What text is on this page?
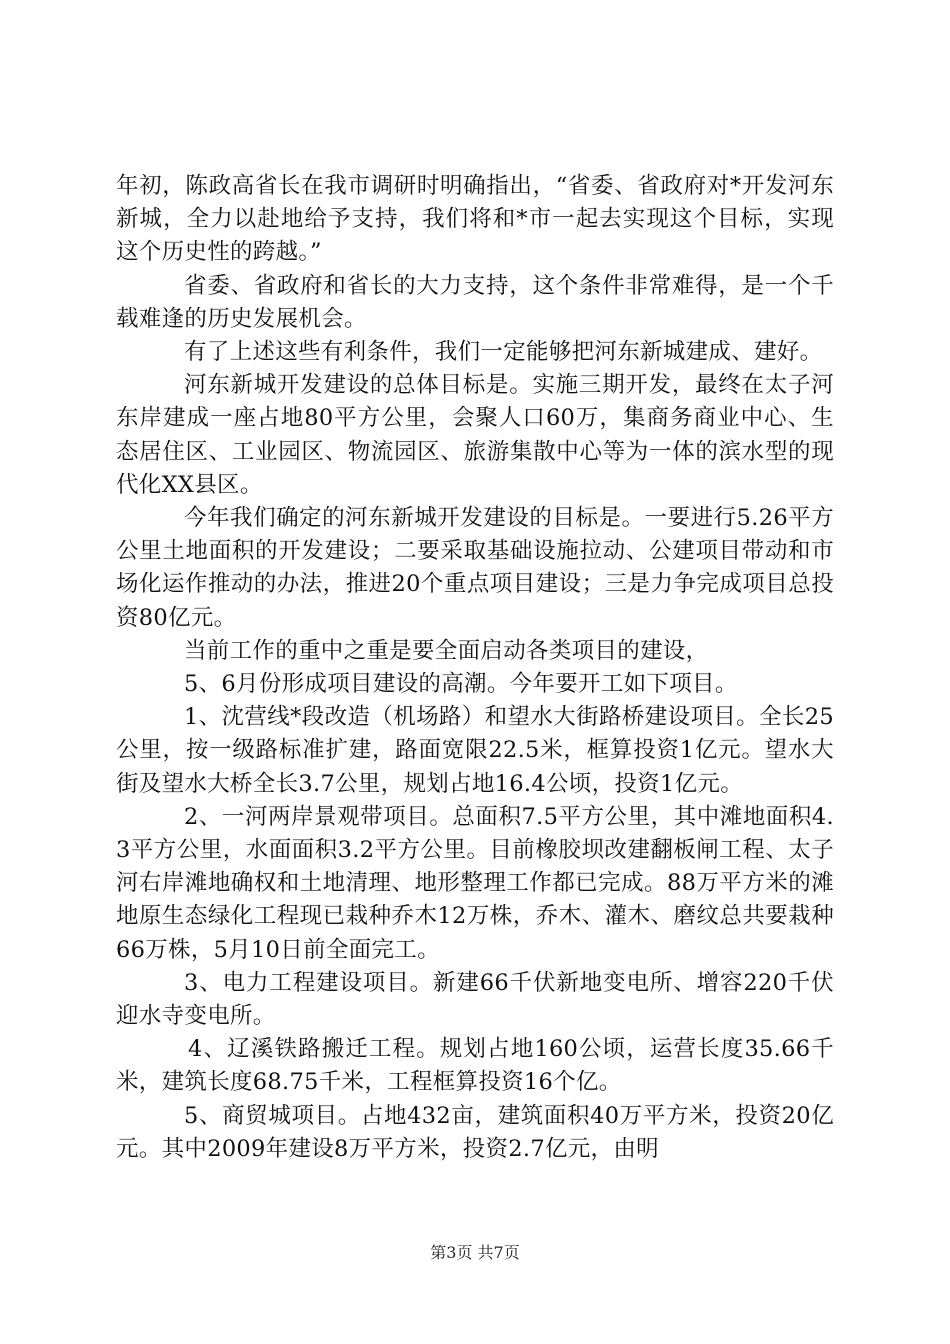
年初，陈政高省长在我市调研时明确指出，“省委、省政府对*开发河东新城，全力以赴地给予支持，我们将和*市一起去实现这个目标，实现这个历史性的跨越。”

省委、省政府和省长的大力支持，这个条件非常难得，是一个千载难逢的历史发展机会。

有了上述这些有利条件，我们一定能够把河东新城建成、建好。

河东新城开发建设的总体目标是。实施三期开发，最终在太子河东岸建成一座占地80平方公里，会聚人口60万，集商务商业中心、生态居住区、工业园区、物流园区、旅游集散中心等为一体的滨水型的现代化XX县区。

今年我们确定的河东新城开发建设的目标是。一要进行5.26平方公里土地面积的开发建设；二要采取基础设施拉动、公建项目带动和市场化运作推动的办法，推进20个重点项目建设；三是力争完成项目总投资80亿元。

当前工作的重中之重是要全面启动各类项目的建设，

5、6月份形成项目建设的高潮。今年要开工如下项目。

1、沈营线*段改造（机场路）和望水大街路桥建设项目。全长25公里，按一级路标准扩建，路面宽限22.5米，框算投资1亿元。望水大街及望水大桥全长3.7公里，规划占地16.4公顷，投资1亿元。

2、一河两岸景观带项目。总面积7.5平方公里，其中滩地面积4.3平方公里，水面面积3.2平方公里。目前橡胶坝改建翻板闸工程、太子河右岸滩地确权和土地清理、地形整理工作都已完成。88万平方米的滩地原生态绿化工程现已栽种乔木12万株，乔木、灌木、磨纹总共要栽种66万株，5月10日前全面完工。

3、电力工程建设项目。新建66千伏新地变电所、增容220千伏迎水寺变电所。

4、辽溪铁路搬迁工程。规划占地160公顷，运营长度35.66千米，建筑长度68.75千米，工程框算投资16个亿。

5、商贸城项目。占地432亩，建筑面积40万平方米，投资20亿元。其中2009年建设8万平方米，投资2.7亿元，由明

第3页 共7页
